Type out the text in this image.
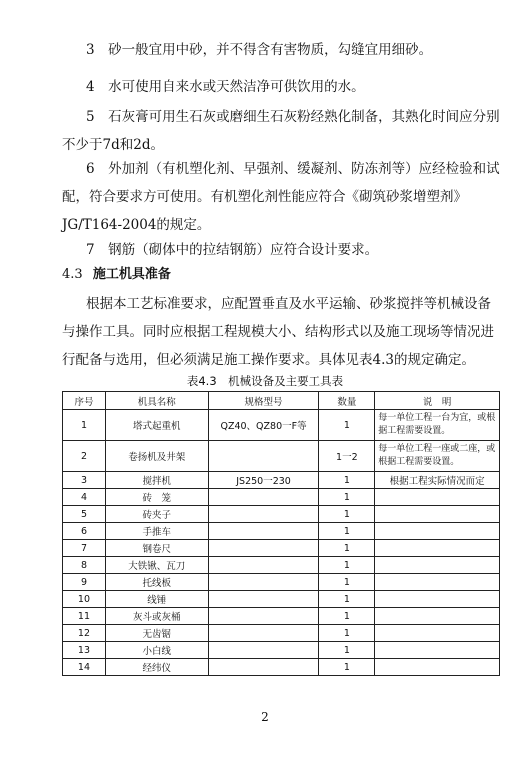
3　砂一般宜用中砂，并不得含有害物质，勾缝宜用细砂。

4　水可使用自来水或天然洁净可供饮用的水。

5　石灰膏可用生石灰或磨细生石灰粉经熟化制备，其熟化时间应分别不少于7d和2d。

6　外加剂（有机塑化剂、早强剂、缓凝剂、防冻剂等）应经检验和试配，符合要求方可使用。有机塑化剂性能应符合《砌筑砂浆增塑剂》JG/T164-2004的规定。

7　钢筋（砌体中的拉结钢筋）应符合设计要求。

4.3 施工机具准备

根据本工艺标准要求，应配置垂直及水平运输、砂浆搅拌等机械设备与操作工具。同时应根据工程规模大小、结构形式以及施工现场等情况进行配备与选用，但必须满足施工操作要求。具体见表4.3的规定确定。

表4.3　机械设备及主要工具表
序号	机具名称	规格型号	数量	说　明
1	塔式起重机	QZ40、QZ80一F等	1	每一单位工程一台为宜，或根据工程需要设置。
2	卷扬机及井架		1一2	每一单位工程一座或二座，或根据工程需要设置。
3	搅拌机	JS250一230	1	根据工程实际情况而定
4	砖　笼		1	
5	砖夹子		1	
6	手推车		1	
7	钢卷尺		1	
8	大铁锹、瓦刀		1	
9	托线板		1	
10	线锤		1	
11	灰斗或灰桶		1	
12	无齿锯		1	
13	小白线		1	
14	经纬仪		1	
2
